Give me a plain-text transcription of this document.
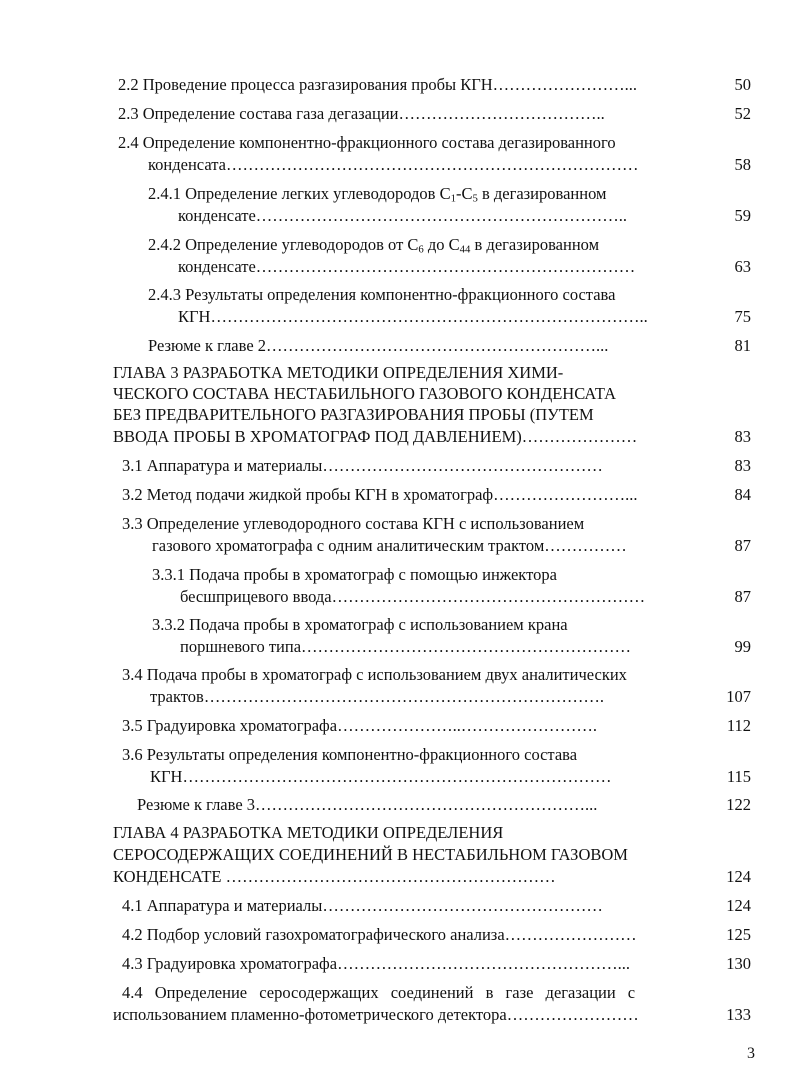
2.2 Проведение процесса разгазирования пробы КГН……………………...	50
2.3 Определение состава газа дегазации………………………………..	52
2.4 Определение компонентно-фракционного состава дегазированного
конденсата…………………………………………………………………	58
2.4.1 Определение легких углеводородов $C_1-C_5$ в дегазированном
конденсате…………………………………………………………..	59
2.4.2 Определение углеводородов от $C_6$ до $C_{44}$ в дегазированном
конденсате……………………………………………………………	63
2.4.3 Результаты определения компонентно-фракционного состава
КГН……………………………………………………………………..	75
Резюме к главе 2……………………………………………………...	81
ГЛАВА 3 РАЗРАБОТКА МЕТОДИКИ ОПРЕДЕЛЕНИЯ ХИМИ-
ЧЕСКОГО СОСТАВА НЕСТАБИЛЬНОГО ГАЗОВОГО КОНДЕНСАТА
БЕЗ ПРЕДВАРИТЕЛЬНОГО РАЗГАЗИРОВАНИЯ ПРОБЫ (ПУТЕМ
ВВОДА ПРОБЫ В ХРОМАТОГРАФ ПОД ДАВЛЕНИЕМ)…………………	83
3.1 Аппаратура и материалы……………………………………………	83
3.2 Метод подачи жидкой пробы КГН в хроматограф……………………...	84
3.3 Определение углеводородного состава КГН с использованием
газового хроматографа с одним аналитическим трактом……………	87
3.3.1 Подача пробы в хроматограф с помощью инжектора
бесшприцевого ввода…………………………………………………	87
3.3.2 Подача пробы в хроматограф с использованием крана
поршневого типа……………………………………………………	99
3.4 Подача пробы в хроматограф с использованием двух аналитических
трактов……………………………………………………………….	107
3.5 Градуировка хроматографа…………………..…………………….	112
3.6 Результаты определения компонентно-фракционного состава
КГН……………………………………………………………………	115
Резюме к главе 3……………………………………………………...	122
ГЛАВА 4 РАЗРАБОТКА МЕТОДИКИ ОПРЕДЕЛЕНИЯ
СЕРОСОДЕРЖАЩИХ СОЕДИНЕНИЙ В НЕСТАБИЛЬНОМ ГАЗОВОМ
КОНДЕНСАТЕ ……………………………………………………	124
4.1 Аппаратура и материалы……………………………………………	124
4.2 Подбор условий газохроматографического анализа……………………	125
4.3 Градуировка хроматографа……………………………………………...	130
4.4 Определение серосодержащих соединений в газе дегазации с
использованием пламенно-фотометрического детектора……………………	133
3
